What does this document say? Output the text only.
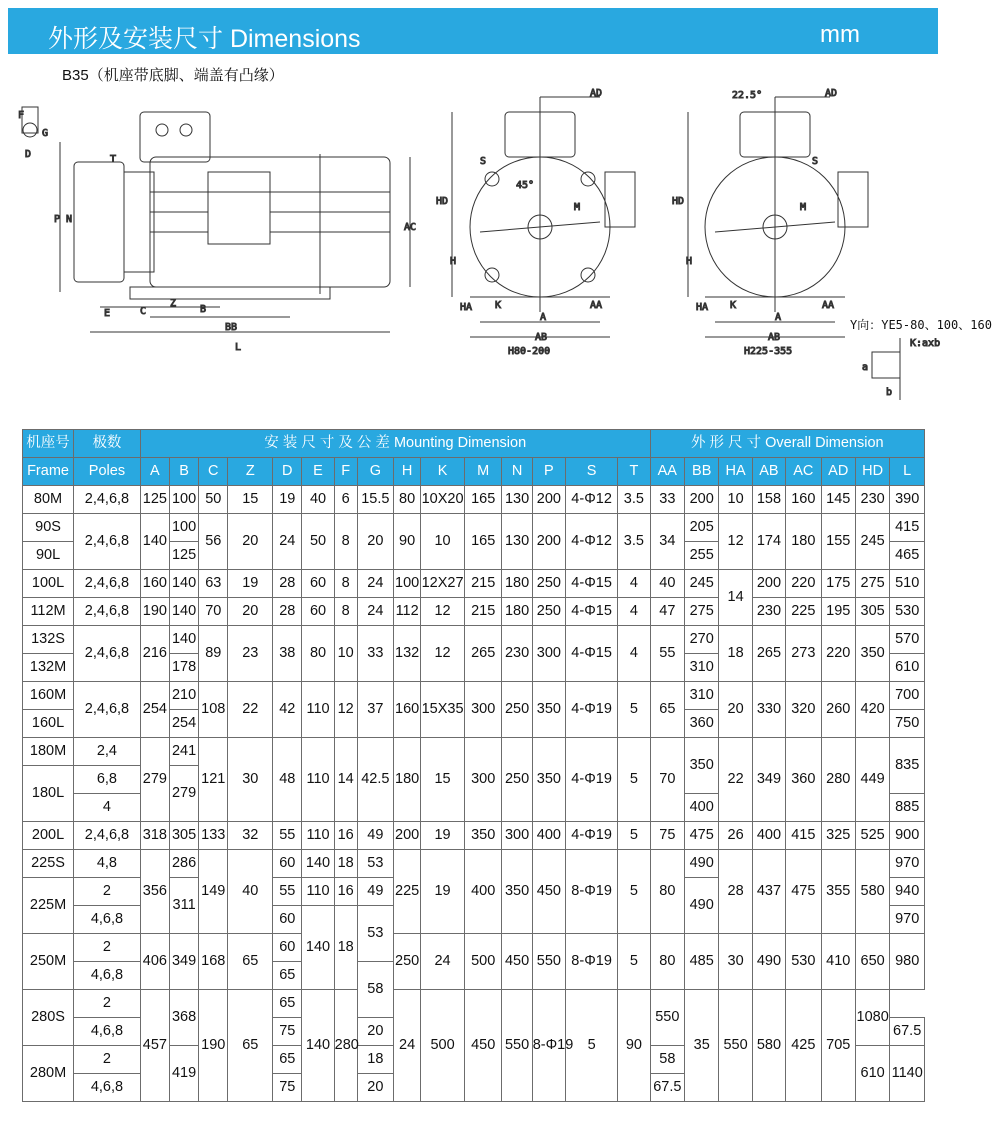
外形及安装尺寸 Dimensions	mm
B35（机座带底脚、端盖有凸缘）
F
G
D	T
P N
AC
E	C
Z
B
BB
L
AD
HD
H
HA K
A
AB
AA
S
45°
M
H80-200
22.5°	AD
HD
H
HA K
A
AB
AA
S
M
H225-355
K:axb
a
b
Y向：YE5-80、100、160
机座号	极数	安 装 尺 寸 及 公 差 Mounting Dimension															外 形 尺 寸 Overall Dimension							
Frame	Poles	A	B	C	Z	D	E	F	G	H	K	M	N	P	S	T	AA	BB	HA	AB	AC	AD	HD	L
80M	2,4,6,8	125	100	50	15	19	40	6	15.5	80	10X20	165	130	200	4-Φ12	3.5	33	200	10	158	160	145	230	390
90S	2,4,6,8	140	100	56	20	24	50	8	20	90	10	165	130	200	4-Φ12	3.5	34	205	12	174	180	155	245	415
90L			125															255						465
100L	2,4,6,8	160	140	63	19	28	60	8	24	100	12X27	215	180	250	4-Φ15	4	40	245	14	200	220	175	275	510
112M	2,4,6,8	190	140	70	20	28	60	8	24	112	12	215	180	250	4-Φ15	4	47	275		230	225	195	305	530
132S	2,4,6,8	216	140	89	23	38	80	10	33	132	12	265	230	300	4-Φ15	4	55	270	18	265	273	220	350	570
132M			178															310						610
160M	2,4,6,8	254	210	108	22	42	110	12	37	160	15X35	300	250	350	4-Φ19	5	65	310	20	330	320	260	420	700
160L			254															360						750
180M	2,4	279	241	121	30	48	110	14	42.5	180	15	300	250	350	4-Φ19	5	70	350	22	349	360	280	449	835
180L	6,8		279																					
	4																	400						885
200L	2,4,6,8	318	305	133	32	55	110	16	49	200	19	350	300	400	4-Φ19	5	75	475	26	400	415	325	525	900
225S	4,8	356	286	149	40	60	140	18	53	225	19	400	350	450	8-Φ19	5	80	490	28	437	475	355	580	970
225M	2		311			55	110	16	49									490						940
	4,6,8					60	140	18	53															970
250M	2	406	349	168	65	60				250	24	500	450	550	8-Φ19	5	80	485	30	490	530	410	650	980
	4,6,8					65			58															
280S	2	457	368	190	65	65	140	280		24	500	450	550	8-Φ19	5	90	550	35	550	580	425	705	1080	
	4,6,8					75			20															67.5
280M	2		419			65			18								58						610	1140
	4,6,8					75			20								67.5							
